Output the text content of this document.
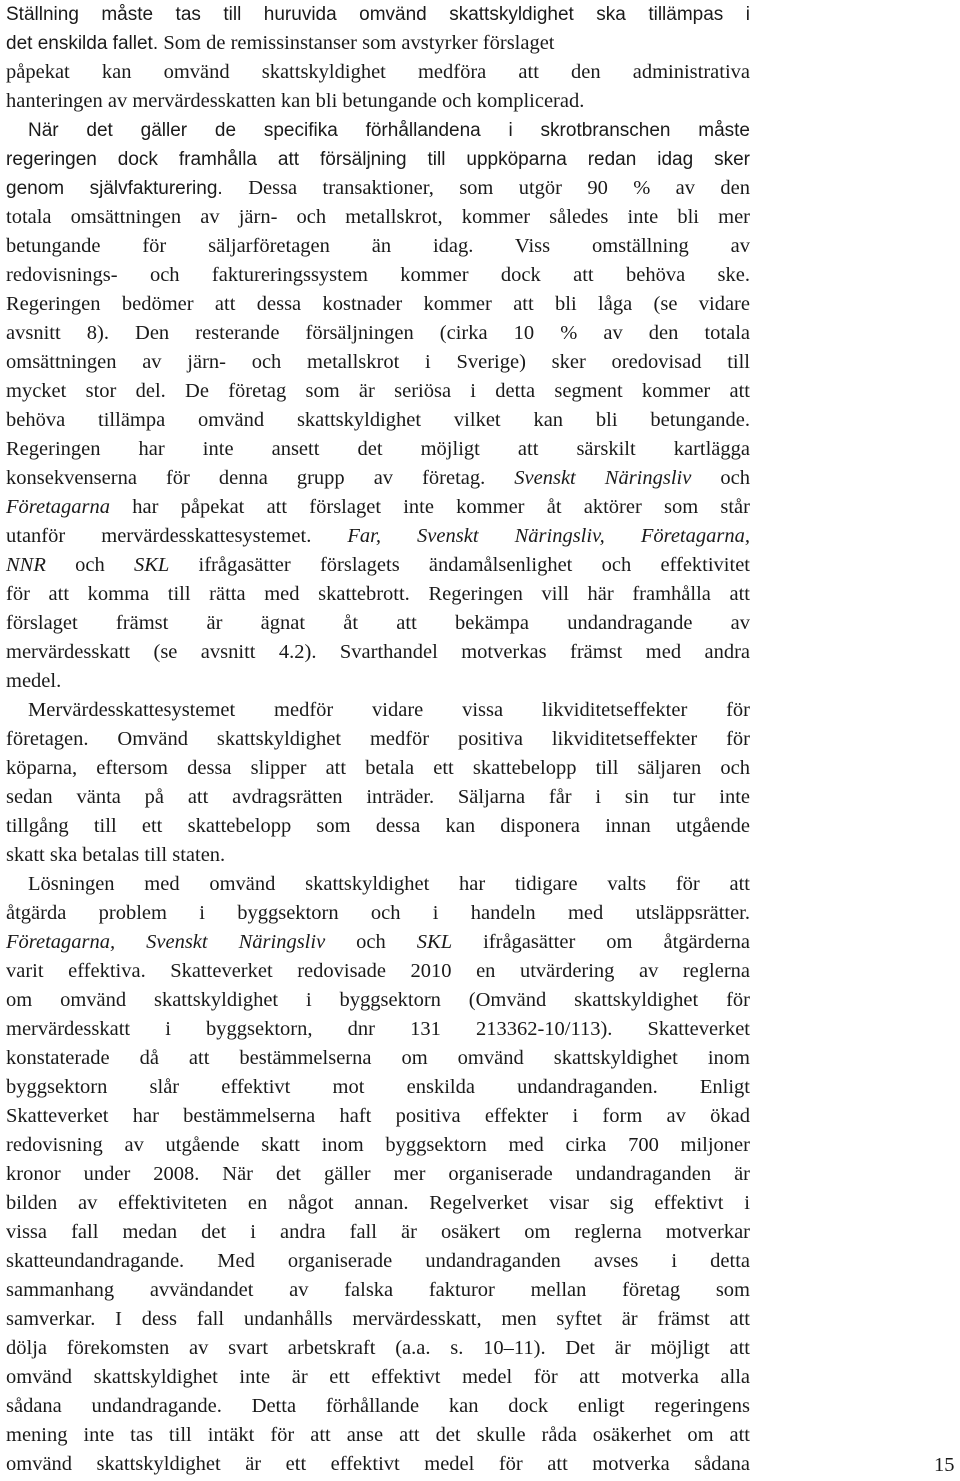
Ställning måste tas till huruvida omvänd skattskyldighet ska tillämpas i
det enskilda fallet. Som de remissinstanser som avstyrker förslaget
påpekat kan omvänd skattskyldighet medföra att den administrativa
hanteringen av mervärdesskatten kan bli betungande och komplicerad.
När det gäller de specifika förhållandena i skrotbranschen måste
regeringen dock framhålla att försäljning till uppköparna redan idag sker
genom självfakturering. Dessa transaktioner, som utgör 90 % av den
totala omsättningen av järn- och metallskrot, kommer således inte bli mer
betungande för säljarföretagen än idag. Viss omställning av
redovisnings- och faktureringssystem kommer dock att behöva ske.
Regeringen bedömer att dessa kostnader kommer att bli låga (se vidare
avsnitt 8). Den resterande försäljningen (cirka 10 % av den totala
omsättningen av järn- och metallskrot i Sverige) sker oredovisad till
mycket stor del. De företag som är seriösa i detta segment kommer att
behöva tillämpa omvänd skattskyldighet vilket kan bli betungande.
Regeringen har inte ansett det möjligt att särskilt kartlägga
konsekvenserna för denna grupp av företag. Svenskt Näringsliv och
Företagarna har påpekat att förslaget inte kommer åt aktörer som står
utanför mervärdesskattesystemet. Far, Svenskt Näringsliv, Företagarna,
NNR och SKL ifrågasätter förslagets ändamålsenlighet och effektivitet
för att komma till rätta med skattebrott. Regeringen vill här framhålla att
förslaget främst är ägnat åt att bekämpa undandragande av
mervärdesskatt (se avsnitt 4.2). Svarthandel motverkas främst med andra
medel.
Mervärdesskattesystemet medför vidare vissa likviditetseffekter för
företagen. Omvänd skattskyldighet medför positiva likviditetseffekter för
köparna, eftersom dessa slipper att betala ett skattebelopp till säljaren och
sedan vänta på att avdragsrätten inträder. Säljarna får i sin tur inte
tillgång till ett skattebelopp som dessa kan disponera innan utgående
skatt ska betalas till staten.
Lösningen med omvänd skattskyldighet har tidigare valts för att
åtgärda problem i byggsektorn och i handeln med utsläppsrätter.
Företagarna, Svenskt Näringsliv och SKL ifrågasätter om åtgärderna
varit effektiva. Skatteverket redovisade 2010 en utvärdering av reglerna
om omvänd skattskyldighet i byggsektorn (Omvänd skattskyldighet för
mervärdesskatt i byggsektorn, dnr 131 213362-10/113). Skatteverket
konstaterade då att bestämmelserna om omvänd skattskyldighet inom
byggsektorn slår effektivt mot enskilda undandraganden. Enligt
Skatteverket har bestämmelserna haft positiva effekter i form av ökad
redovisning av utgående skatt inom byggsektorn med cirka 700 miljoner
kronor under 2008. När det gäller mer organiserade undandraganden är
bilden av effektiviteten en något annan. Regelverket visar sig effektivt i
vissa fall medan det i andra fall är osäkert om reglerna motverkar
skatteundandragande. Med organiserade undandraganden avses i detta
sammanhang avvändandet av falska fakturor mellan företag som
samverkar. I dess fall undanhålls mervärdesskatt, men syftet är främst att
dölja förekomsten av svart arbetskraft (a.a. s. 10–11). Det är möjligt att
omvänd skattskyldighet inte är ett effektivt medel för att motverka alla
sådana undandragande. Detta förhållande kan dock enligt regeringens
mening inte tas till intäkt för att anse att det skulle råda osäkerhet om att
omvänd skattskyldighet är ett effektivt medel för att motverka sådana	15
